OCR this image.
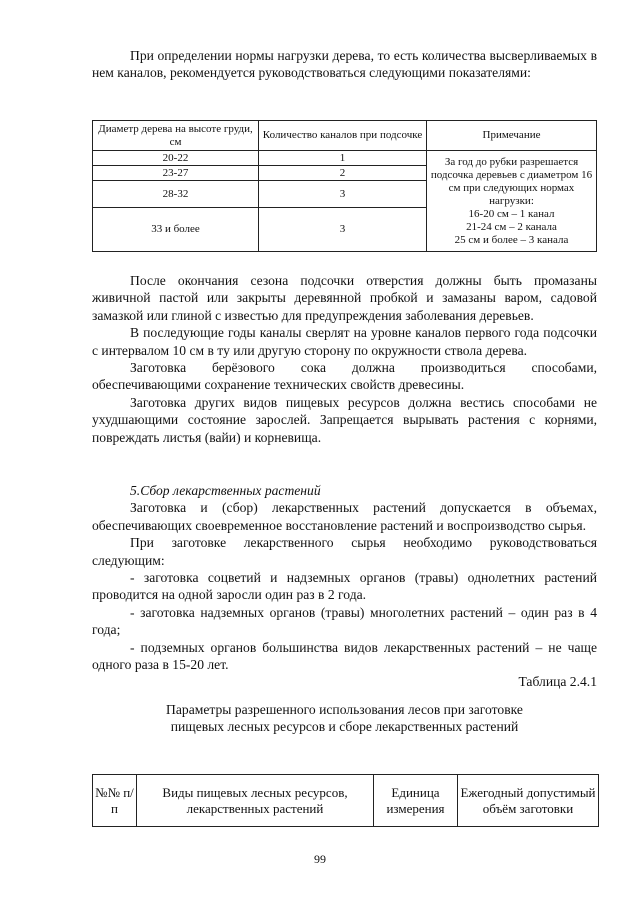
При определении нормы нагрузки дерева, то есть количества высверливаемых в нем каналов, рекомендуется руководствоваться следующими показателями:

Диаметр дерева на высоте груди, см	Количество каналов при подсочке	Примечание
20-22	1	За год до рубки разрешается подсочка деревьев с диаметром 16 см при следующих нормах нагрузки:
16-20 см – 1 канал
21-24 см – 2 канала
25 см и более – 3 канала

23-27	2	
28-32	3	
33 и более	3	

После окончания сезона подсочки отверстия должны быть промазаны живичной пастой или закрыты деревянной пробкой и замазаны варом, садовой замазкой или глиной с известью для предупреждения заболевания деревьев.

В последующие годы каналы сверлят на уровне каналов первого года подсочки с интервалом 10 см в ту или другую сторону по окружности ствола дерева.

Заготовка берёзового сока должна производиться способами, обеспечивающими сохранение технических свойств древесины.

Заготовка других видов пищевых ресурсов должна вестись способами не ухудшающими состояние зарослей. Запрещается вырывать растения с корнями, повреждать листья (вайи) и корневища.

5.Сбор лекарственных растений

Заготовка и (сбор) лекарственных растений допускается в объемах, обеспечивающих своевременное восстановление растений и воспроизводство сырья.

При заготовке лекарственного сырья необходимо руководствоваться следующим:

- заготовка соцветий и надземных органов (травы) однолетних растений проводится на одной заросли один раз в 2 года.

- заготовка надземных органов (травы) многолетних растений – один раз в 4 года;

- подземных органов большинства видов лекарственных растений – не чаще одного раза в 15-20 лет.

Таблица 2.4.1

Параметры разрешенного использования лесов при заготовке

пищевых лесных ресурсов и сборе лекарственных растений

№№ п/п	Виды пищевых лесных ресурсов, лекарственных растений	Единица измерения	Ежегодный допустимый объём заготовки
99
